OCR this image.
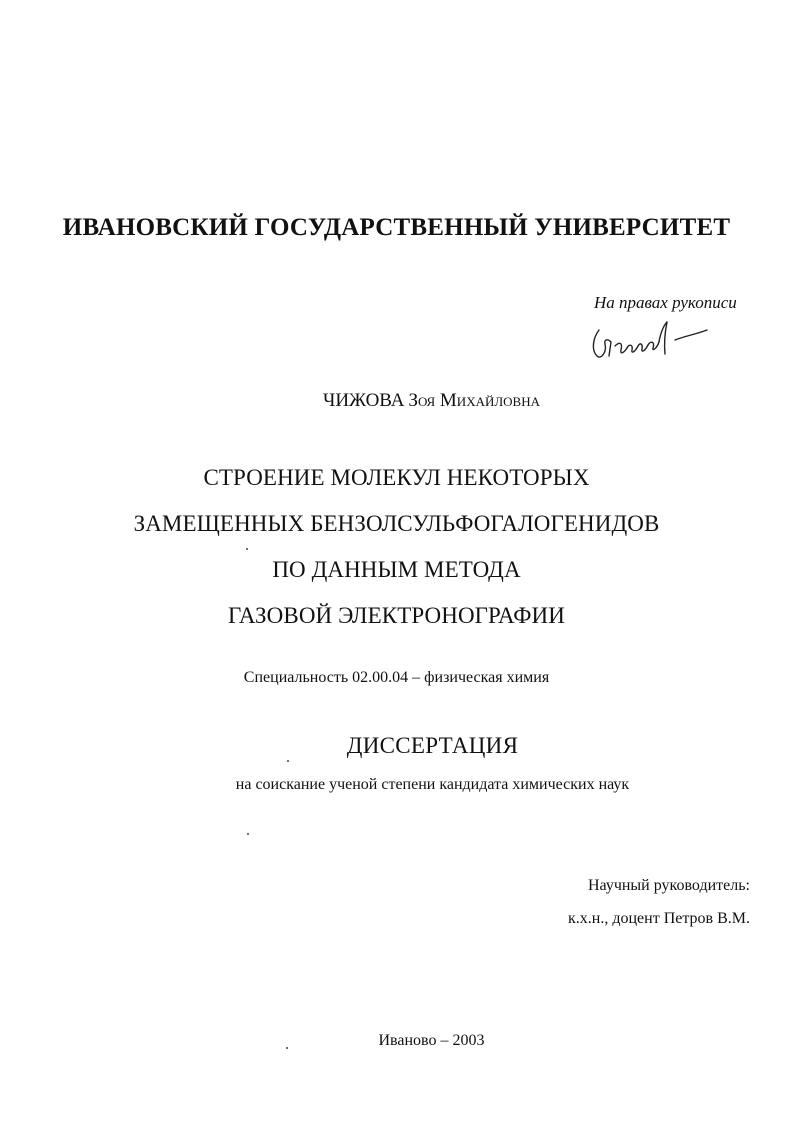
ИВАНОВСКИЙ ГОСУДАРСТВЕННЫЙ УНИВЕРСИТЕТ

На правах рукописи

ЧИЖОВА Зоя Михайловна

СТРОЕНИЕ МОЛЕКУЛ НЕКОТОРЫХ
ЗАМЕЩЕННЫХ БЕНЗОЛСУЛЬФОГАЛОГЕНИДОВ
ПО ДАННЫМ МЕТОДА
ГАЗОВОЙ ЭЛЕКТРОНОГРАФИИ

Специальность 02.00.04 – физическая химия

ДИССЕРТАЦИЯ

на соискание ученой степени кандидата химических наук

Научный руководитель:
к.х.н., доцент Петров В.М.

Иваново – 2003
